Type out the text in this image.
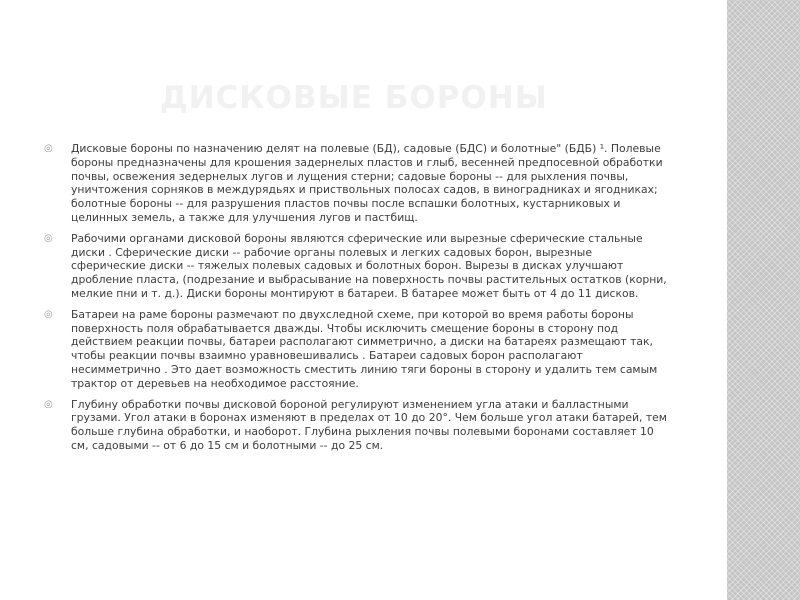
ДИСКОВЫЕ БОРОНЫ
◎ Дисковые бороны по назначению делят на полевые (БД), садовые (БДС) и болотные" (БДБ) ¹. Полевые бороны предназначены для крошения задернелых пластов и глыб, весенней предпосевной обработки почвы, освежения зедернелых лугов и лущения стерни; садовые бороны -- для рыхления почвы, уничтожения сорняков в междурядьях и приствольных полосах садов, в виноградниках и ягодниках; болотные бороны -- для разрушения пластов почвы после вспашки болотных, кустарниковых и целинных земель, а также для улучшения лугов и пастбищ.
◎ Рабочими органами дисковой бороны являются сферические или вырезные сферические стальные диски . Сферические диски -- рабочие органы полевых и легких садовых борон, вырезные сферические диски -- тяжелых полевых садовых и болотных борон. Вырезы в дисках улучшают дробление пласта, (подрезание и выбрасывание на поверхность почвы растительных остатков (корни, мелкие пни и т. д.). Диски бороны монтируют в батареи. В батарее может быть от 4 до 11 дисков.
◎ Батареи на раме бороны размечают по двухследной схеме, при которой во время работы бороны поверхность поля обрабатывается дважды. Чтобы исключить смещение бороны в сторону под действием реакции почвы, батареи располагают симметрично, а диски на батареях размещают так, чтобы реакции почвы взаимно уравновешивались . Батареи садовых борон располагают несимметрично . Это дает возможность сместить линию тяги бороны в сторону и удалить тем самым трактор от деревьев на необходимое расстояние.
◎ Глубину обработки почвы дисковой бороной регулируют изменением угла атаки и балластными грузами. Угол атаки в боронах изменяют в пределах от 10 до 20°. Чем больше угол атаки батарей, тем больше глубина обработки, и наоборот. Глубина рыхления почвы полевыми боронами составляет 10 см, садовыми -- от 6 до 15 см и болотными -- до 25 см.
